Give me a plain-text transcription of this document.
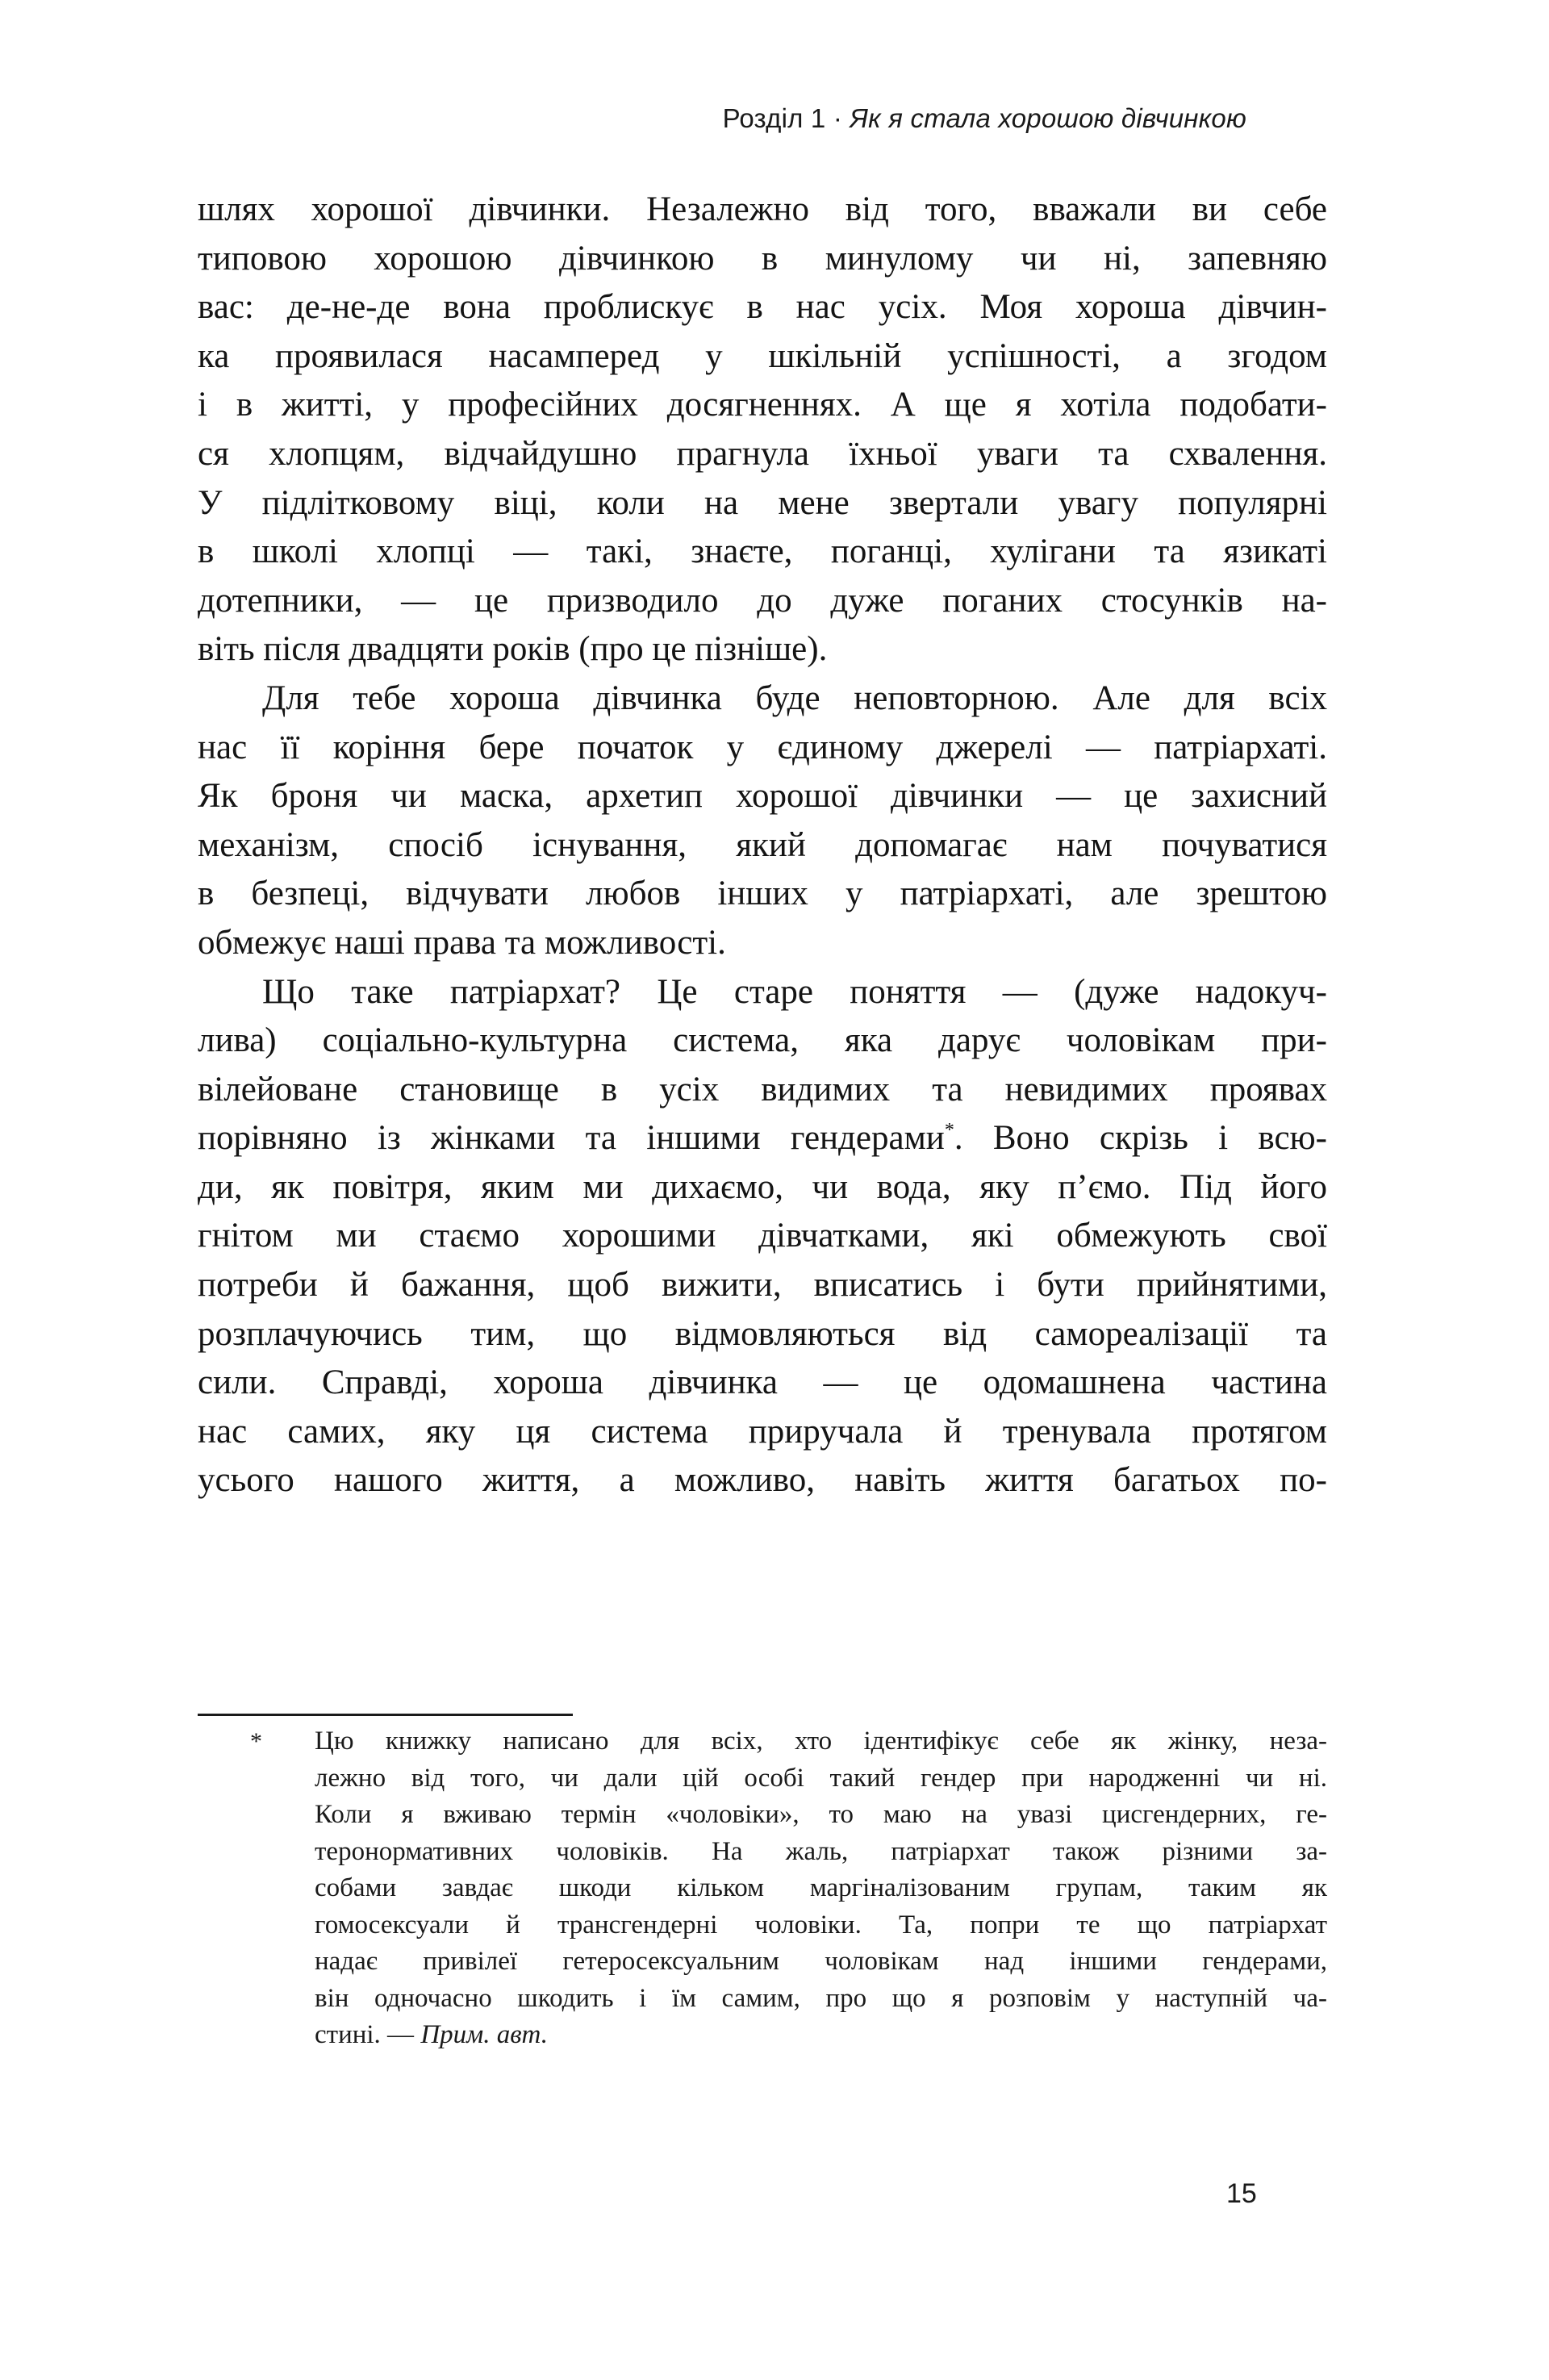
Розділ 1 · Як я стала хорошою дівчинкою
шлях хорошої дівчинки. Незалежно від того, вважали ви себе
типовою хорошою дівчинкою в минулому чи ні, запевняю
вас: де-не-де вона проблискує в нас усіх. Моя хороша дівчин-
ка проявилася насамперед у шкільній успішності, а згодом
і в житті, у професійних досягненнях. А ще я хотіла подобати-
ся хлопцям, відчайдушно прагнула їхньої уваги та схвалення.
У підлітковому віці, коли на мене звертали увагу популярні
в школі хлопці — такі, знаєте, поганці, хулігани та язикаті
дотепники, — це призводило до дуже поганих стосунків на-
віть після двадцяти років (про це пізніше).
Для тебе хороша дівчинка буде неповторною. Але для всіх
нас її коріння бере початок у єдиному джерелі — патріархаті.
Як броня чи маска, архетип хорошої дівчинки — це захисний
механізм, спосіб існування, який допомагає нам почуватися
в безпеці, відчувати любов інших у патріархаті, але зрештою
обмежує наші права та можливості.
Що таке патріархат? Це старе поняття — (дуже надокуч-
лива) соціально-культурна система, яка дарує чоловікам при-
вілейоване становище в усіх видимих та невидимих проявах
порівняно із жінками та іншими гендерами*. Воно скрізь і всю-
ди, як повітря, яким ми дихаємо, чи вода, яку п’ємо. Під його
гнітом ми стаємо хорошими дівчатками, які обмежують свої
потреби й бажання, щоб вижити, вписатись і бути прийнятими,
розплачуючись тим, що відмовляються від самореалізації та
сили. Справді, хороша дівчинка — це одомашнена частина
нас самих, яку ця система приручала й тренувала протягом
усього нашого життя, а можливо, навіть життя багатьох по-
* Цю книжку написано для всіх, хто ідентифікує себе як жінку, неза-
лежно від того, чи дали цій особі такий гендер при народженні чи ні.
Коли я вживаю термін «чоловіки», то маю на увазі цисгендерних, ге-
теронормативних чоловіків. На жаль, патріархат також різними за-
собами завдає шкоди кільком маргіналізованим групам, таким як
гомосексуали й трансгендерні чоловіки. Та, попри те що патріархат
надає привілеї гетеросексуальним чоловікам над іншими гендерами,
він одночасно шкодить і їм самим, про що я розповім у наступній ча-
стині. — Прим. авт.
15
